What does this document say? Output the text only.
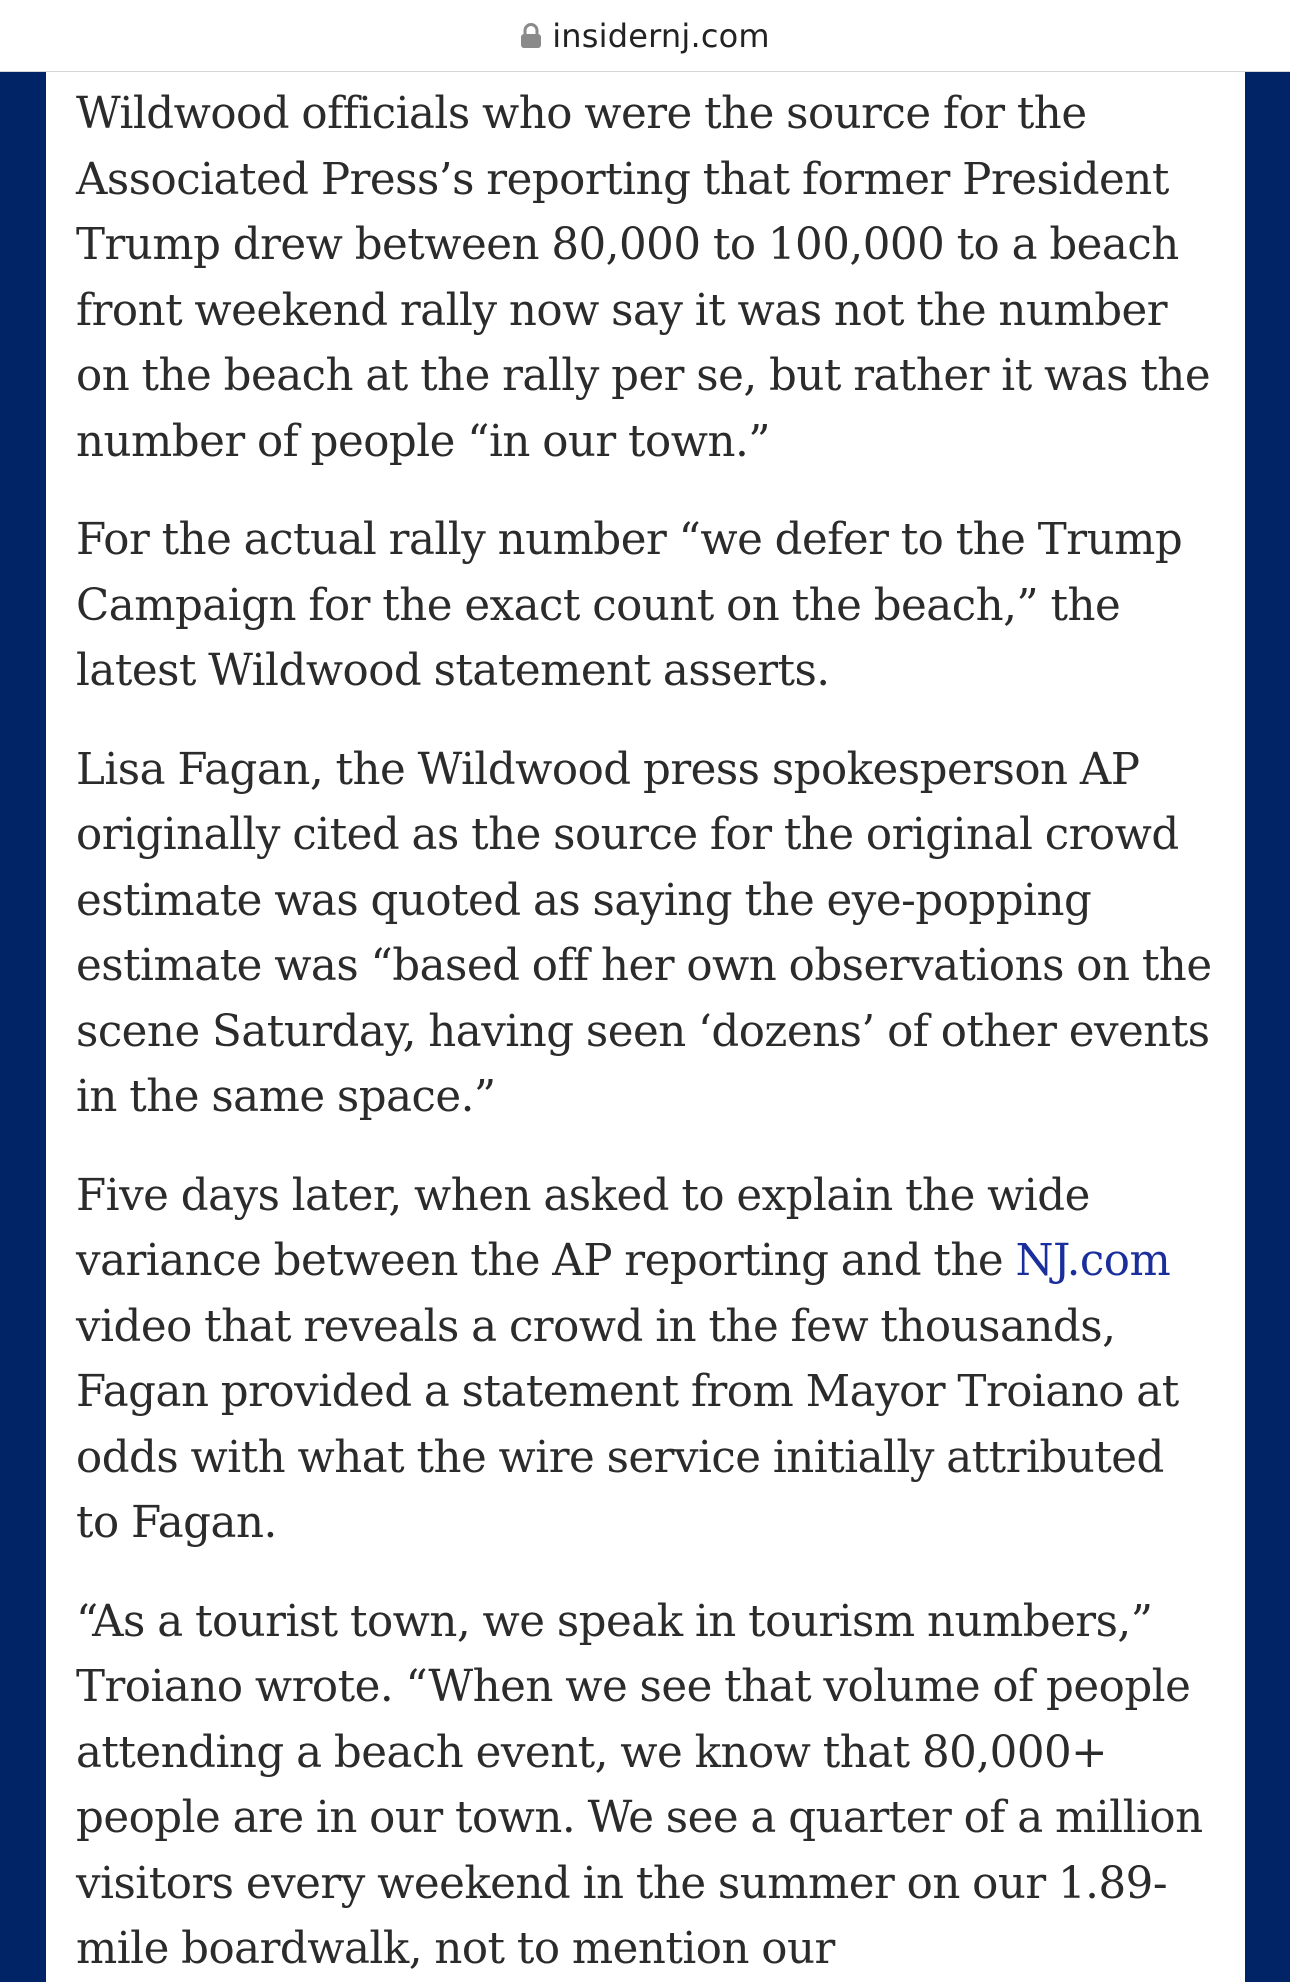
insidernj.com

Wildwood officials who were the source for the Associated Press’s reporting that former President Trump drew between 80,000 to 100,000 to a beach front weekend rally now say it was not the number on the beach at the rally per se, but rather it was the number of people “in our town.”

For the actual rally number “we defer to the Trump Campaign for the exact count on the beach,” the latest Wildwood statement asserts.

Lisa Fagan, the Wildwood press spokesperson AP originally cited as the source for the original crowd estimate was quoted as saying the eye-popping estimate was “based off her own observations on the scene Saturday, having seen ‘dozens’ of other events in the same space.”

Five days later, when asked to explain the wide variance between the AP reporting and the NJ.com video that reveals a crowd in the few thousands, Fagan provided a statement from Mayor Troiano at odds with what the wire service initially attributed to Fagan.

“As a tourist town, we speak in tourism numbers,” Troiano wrote. “When we see that volume of people attending a beach event, we know that 80,000+ people are in our town. We see a quarter of a million visitors every weekend in the summer on our 1.89-mile boardwalk, not to mention our
